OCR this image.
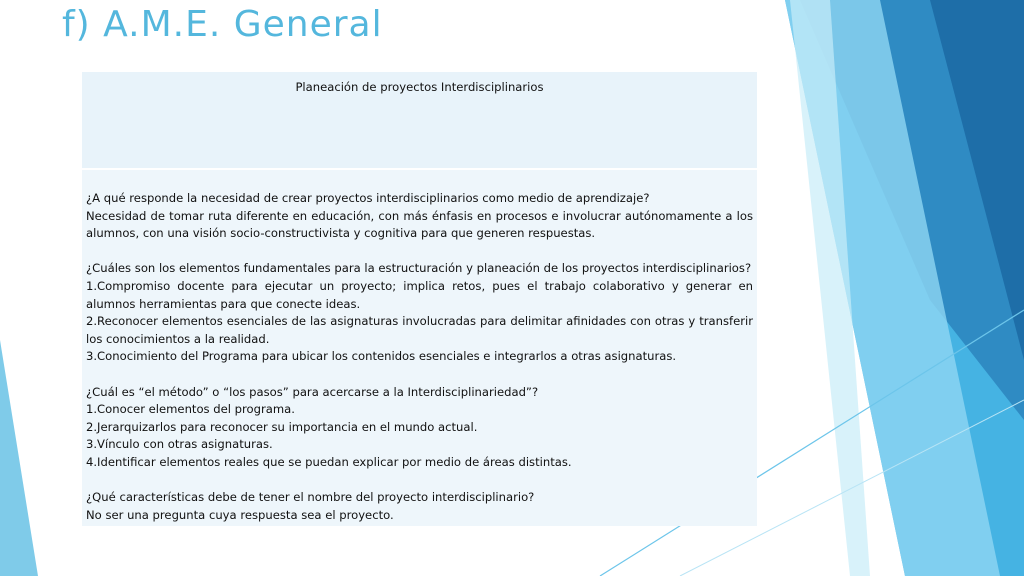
f) A.M.E. General
Planeación de proyectos Interdisciplinarios

¿A qué responde la necesidad de crear proyectos interdisciplinarios como medio de aprendizaje?
Necesidad de tomar ruta diferente en educación, con más énfasis en procesos e involucrar autónomamente a los alumnos, con una visión socio-constructivista y cognitiva para que generen respuestas.
¿Cuáles son los elementos fundamentales para la estructuración y planeación de los proyectos interdisciplinarios?
1.Compromiso docente para ejecutar un proyecto; implica retos, pues el trabajo colaborativo y generar en alumnos herramientas para que conecte ideas.
2.Reconocer elementos esenciales de las asignaturas involucradas para delimitar afinidades con otras y transferir los conocimientos a la realidad.
3.Conocimiento del Programa para ubicar los contenidos esenciales e integrarlos a otras asignaturas.
¿Cuál es “el método” o “los pasos” para acercarse a la Interdisciplinariedad”?
1.Conocer elementos del programa.
2.Jerarquizarlos para reconocer su importancia en el mundo actual.
3.Vínculo con otras asignaturas.
4.Identificar elementos reales que se puedan explicar por medio de áreas distintas.
¿Qué características debe de tener el nombre del proyecto interdisciplinario?
No ser una pregunta cuya respuesta sea el proyecto.
